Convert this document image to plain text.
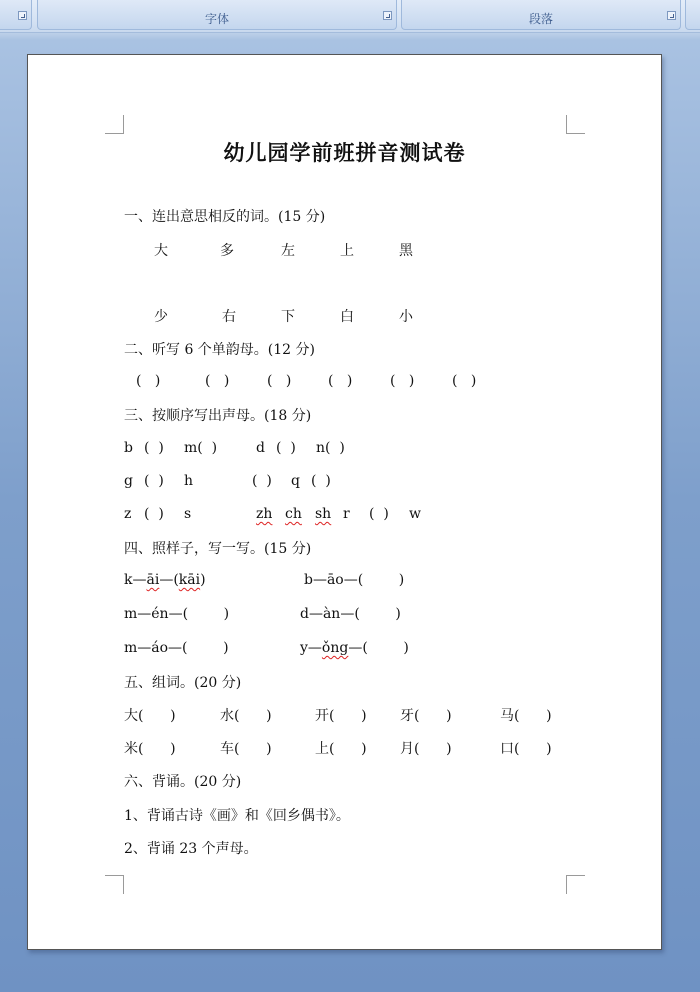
字体	段落
幼儿园学前班拼音测试卷
一、连出意思相反的词。(15 分)
大	多	左	上	黑
少	右	下	白	小
二、听写 6 个单韵母。(12 分)
(   )	(   )	(   )	(   )	(   )	(   )
三、按顺序写出声母。(18 分)
b (  ) m(  )	d (  ) n(  )
g (  ) h	(  ) q (  )
z (  ) s	zh ch sh r (  ) w
四、照样子，写一写。(15 分)
k—āi—(kāi)	b—āo—(        )
m—én—(        )	d—àn—(        )
m—áo—(        )	y—ǒng—(        )
五、组词。(20 分)
大(      )	水(      )	开(      ) 牙(      )	马(      )
米(      )	车(      )	上(      ) 月(      )	口(      )
六、背诵。(20 分)
1、背诵古诗《画》和《回乡偶书》。
2、背诵 23 个声母。
